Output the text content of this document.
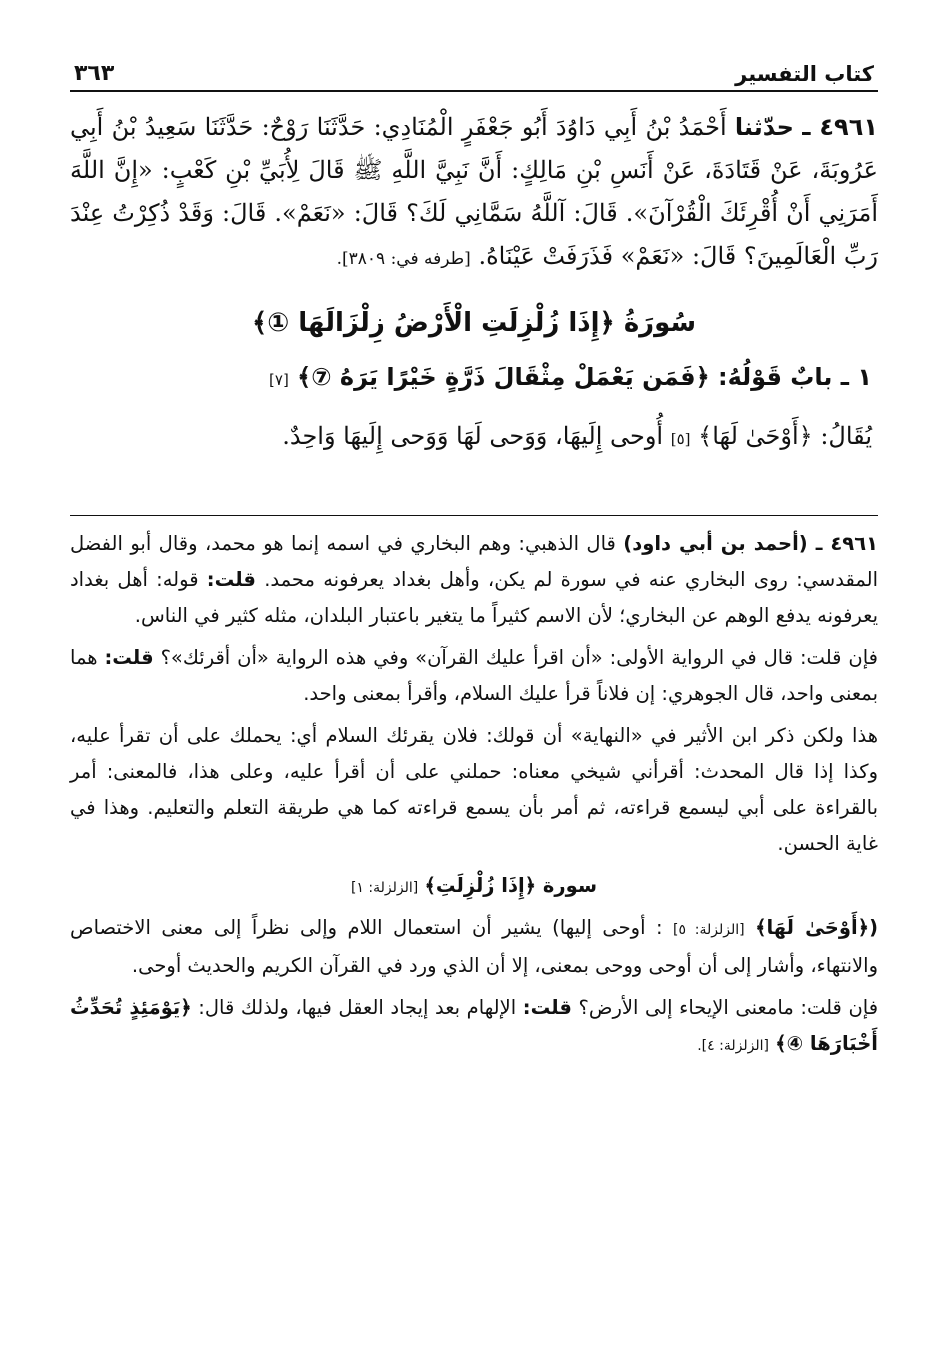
كتاب التفسير
٣٦٣
٤٩٦١ ـ حدّثنا أَحْمَدُ بْنُ أَبِي دَاوُدَ أَبُو جَعْفَرٍ الْمُنَادِي: حَدَّثَنَا رَوْحٌ: حَدَّثَنَا سَعِيدُ بْنُ أَبِي عَرُوبَةَ، عَنْ قَتَادَةَ، عَنْ أَنَسِ بْنِ مَالِكٍ: أَنَّ نَبِيَّ اللَّهِ ﷺ قَالَ لِأُبَيِّ بْنِ كَعْبٍ: «إِنَّ اللَّهَ أَمَرَنِي أَنْ أُقْرِئَكَ الْقُرْآنَ». قَالَ: آللَّهُ سَمَّانِي لَكَ؟ قَالَ: «نَعَمْ». قَالَ: وَقَدْ ذُكِرْتُ عِنْدَ رَبِّ الْعَالَمِينَ؟ قَالَ: «نَعَمْ» فَذَرَفَتْ عَيْنَاهُ. [طرفه في: ٣٨٠٩].
سُورَةُ ﴿إِذَا زُلْزِلَتِ الْأَرْضُ زِلْزَالَهَا ①﴾
١ ـ بابٌ قَوْلُهُ: ﴿فَمَن يَعْمَلْ مِثْقَالَ ذَرَّةٍ خَيْرًا يَرَهُ ⑦﴾ [٧]
يُقَالُ: ﴿أَوْحَىٰ لَهَا﴾ [٥] أُوحى إِلَيهَا، وَوَحى لَهَا وَوَحى إِلَيهَا وَاحِدٌ.

٤٩٦١ ـ (أحمد بن أبي داود) قال الذهبي: وهم البخاري في اسمه إنما هو محمد، وقال أبو الفضل المقدسي: روى البخاري عنه في سورة لم يكن، وأهل بغداد يعرفونه محمد. قلت: قوله: أهل بغداد يعرفونه يدفع الوهم عن البخاري؛ لأن الاسم كثيراً ما يتغير باعتبار البلدان، مثله كثير في الناس.

فإن قلت: قال في الرواية الأولى: «أن اقرأ عليك القرآن» وفي هذه الرواية «أن أقرئك»؟ قلت: هما بمعنى واحد، قال الجوهري: إن فلاناً قرأ عليك السلام، وأقرأ بمعنى واحد.

هذا ولكن ذكر ابن الأثير في «النهاية» أن قولك: فلان يقرئك السلام أي: يحملك على أن تقرأ عليه، وكذا إذا قال المحدث: أقرأني شيخي معناه: حملني على أن أقرأ عليه، وعلى هذا، فالمعنى: أمر بالقراءة على أبي ليسمع قراءته، ثم أمر بأن يسمع قراءته كما هي طريقة التعلم والتعليم. وهذا في غاية الحسن.

سورة ﴿إِذَا زُلْزِلَتِ﴾ [الزلزلة: ١]

(﴿أَوْحَىٰ لَهَا﴾ [الزلزلة: ٥] : أوحى إليها) يشير أن استعمال اللام وإلى نظراً إلى معنى الاختصاص والانتهاء، وأشار إلى أن أوحى ووحى بمعنى، إلا أن الذي ورد في القرآن الكريم والحديث أوحى.

فإن قلت: مامعنى الإيحاء إلى الأرض؟ قلت: الإلهام بعد إيجاد العقل فيها، ولذلك قال: ﴿يَوْمَئِذٍ تُحَدِّثُ أَخْبَارَهَا ④﴾ [الزلزلة: ٤].
